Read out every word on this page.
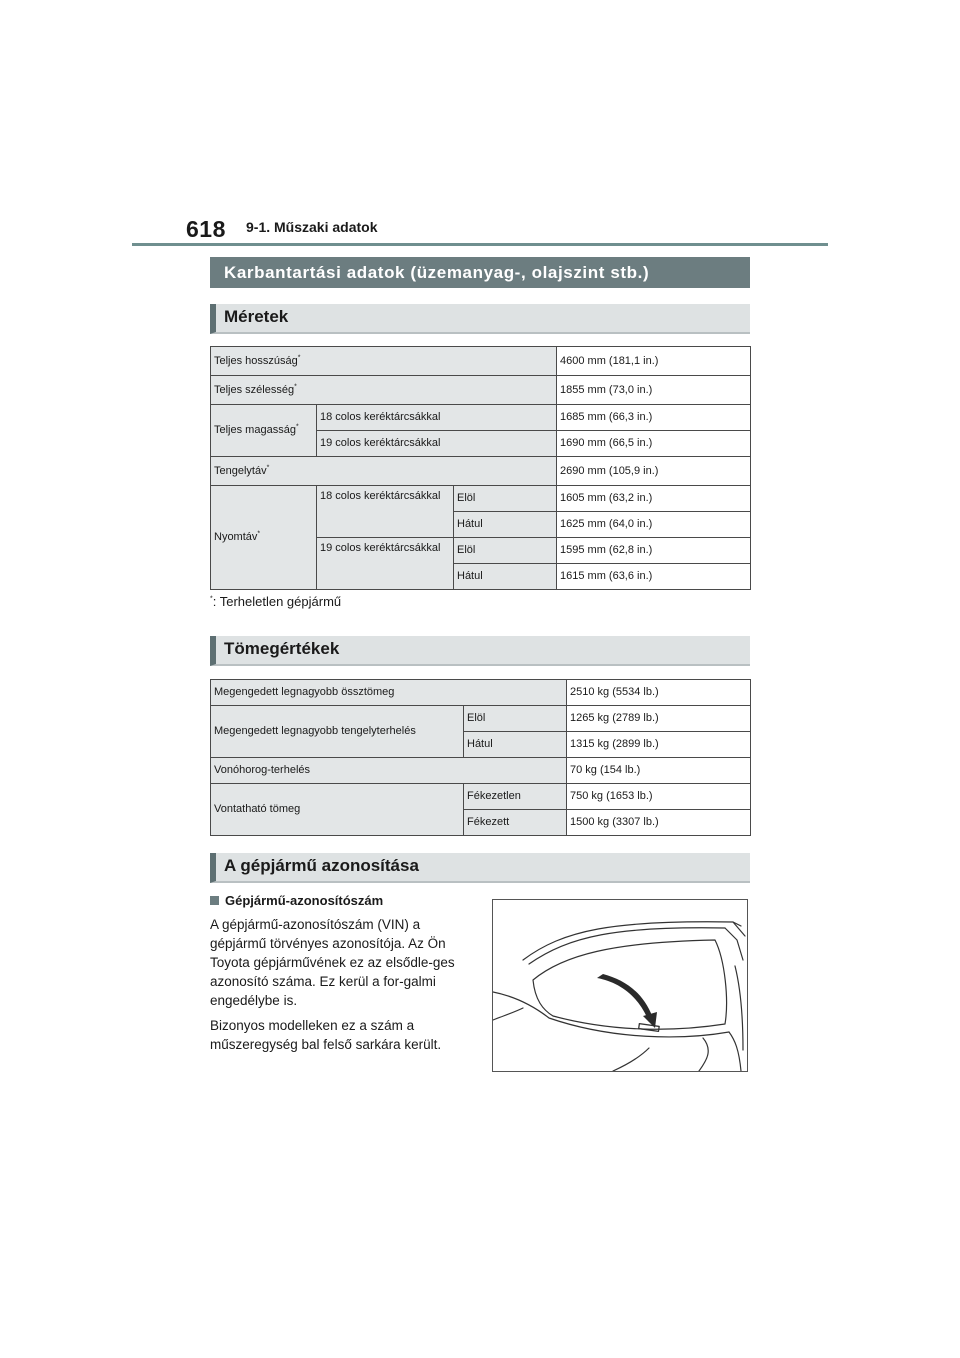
618 9-1. Műszaki adatok
Karbantartási adatok (üzemanyag-, olajszint stb.)
Méretek
Teljes hosszúság*			4600 mm (181,1 in.)
Teljes szélesség*			1855 mm (73,0 in.)
Teljes magasság*	18 colos keréktárcsákkal		1685 mm (66,3 in.)
	19 colos keréktárcsákkal		1690 mm (66,5 in.)
Tengelytáv*			2690 mm (105,9 in.)
Nyomtáv*	18 colos keréktárcsákkal	Elöl	1605 mm (63,2 in.)
		Hátul	1625 mm (64,0 in.)
	19 colos keréktárcsákkal	Elöl	1595 mm (62,8 in.)
		Hátul	1615 mm (63,6 in.)
*: Terheletlen gépjármű
Tömegértékek
Megengedett legnagyobb össztömeg		2510 kg (5534 lb.)
Megengedett legnagyobb tengelyterhelés	Elöl	1265 kg (2789 lb.)
	Hátul	1315 kg (2899 lb.)
Vonóhorog-terhelés		70 kg (154 lb.)
Vontatható tömeg	Fékezetlen	750 kg (1653 lb.)
	Fékezett	1500 kg (3307 lb.)
A gépjármű azonosítása
Gépjármű-azonosítószám
A gépjármű-azonosítószám (VIN) a gépjármű törvényes azonosítója. Az Ön Toyota gépjárművének ez az elsődle-ges azonosító száma. Ez kerül a for-galmi engedélybe is.
Bizonyos modelleken ez a szám a műszeregység bal felső sarkára került.
